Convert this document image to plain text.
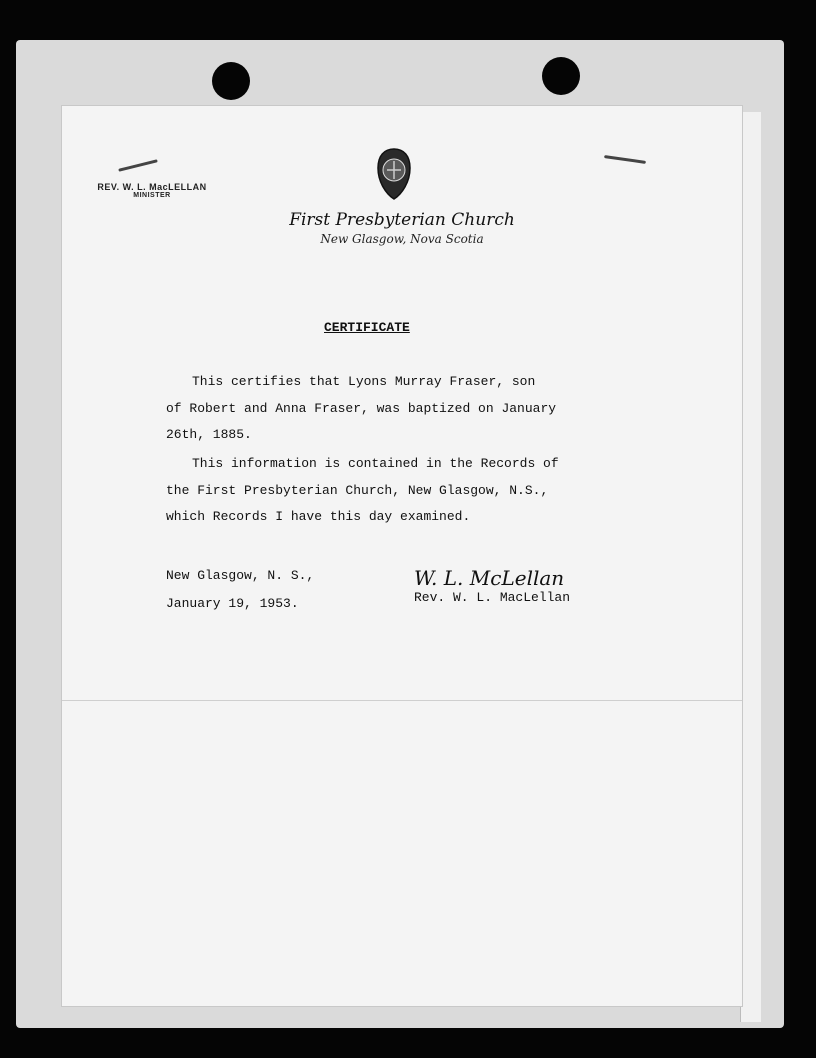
REV. W. L. MacLELLAN
MINISTER
First Presbyterian Church
New Glasgow, Nova Scotia
CERTIFICATE
This certifies that Lyons Murray Fraser, son
of Robert and Anna Fraser, was baptized on January
26th, 1885.
This information is contained in the Records of
the First Presbyterian Church, New Glasgow, N.S.,
which Records I have this day examined.
New Glasgow, N. S.,
January 19, 1953.
W. L. McLellan
Rev. W. L. MacLellan
